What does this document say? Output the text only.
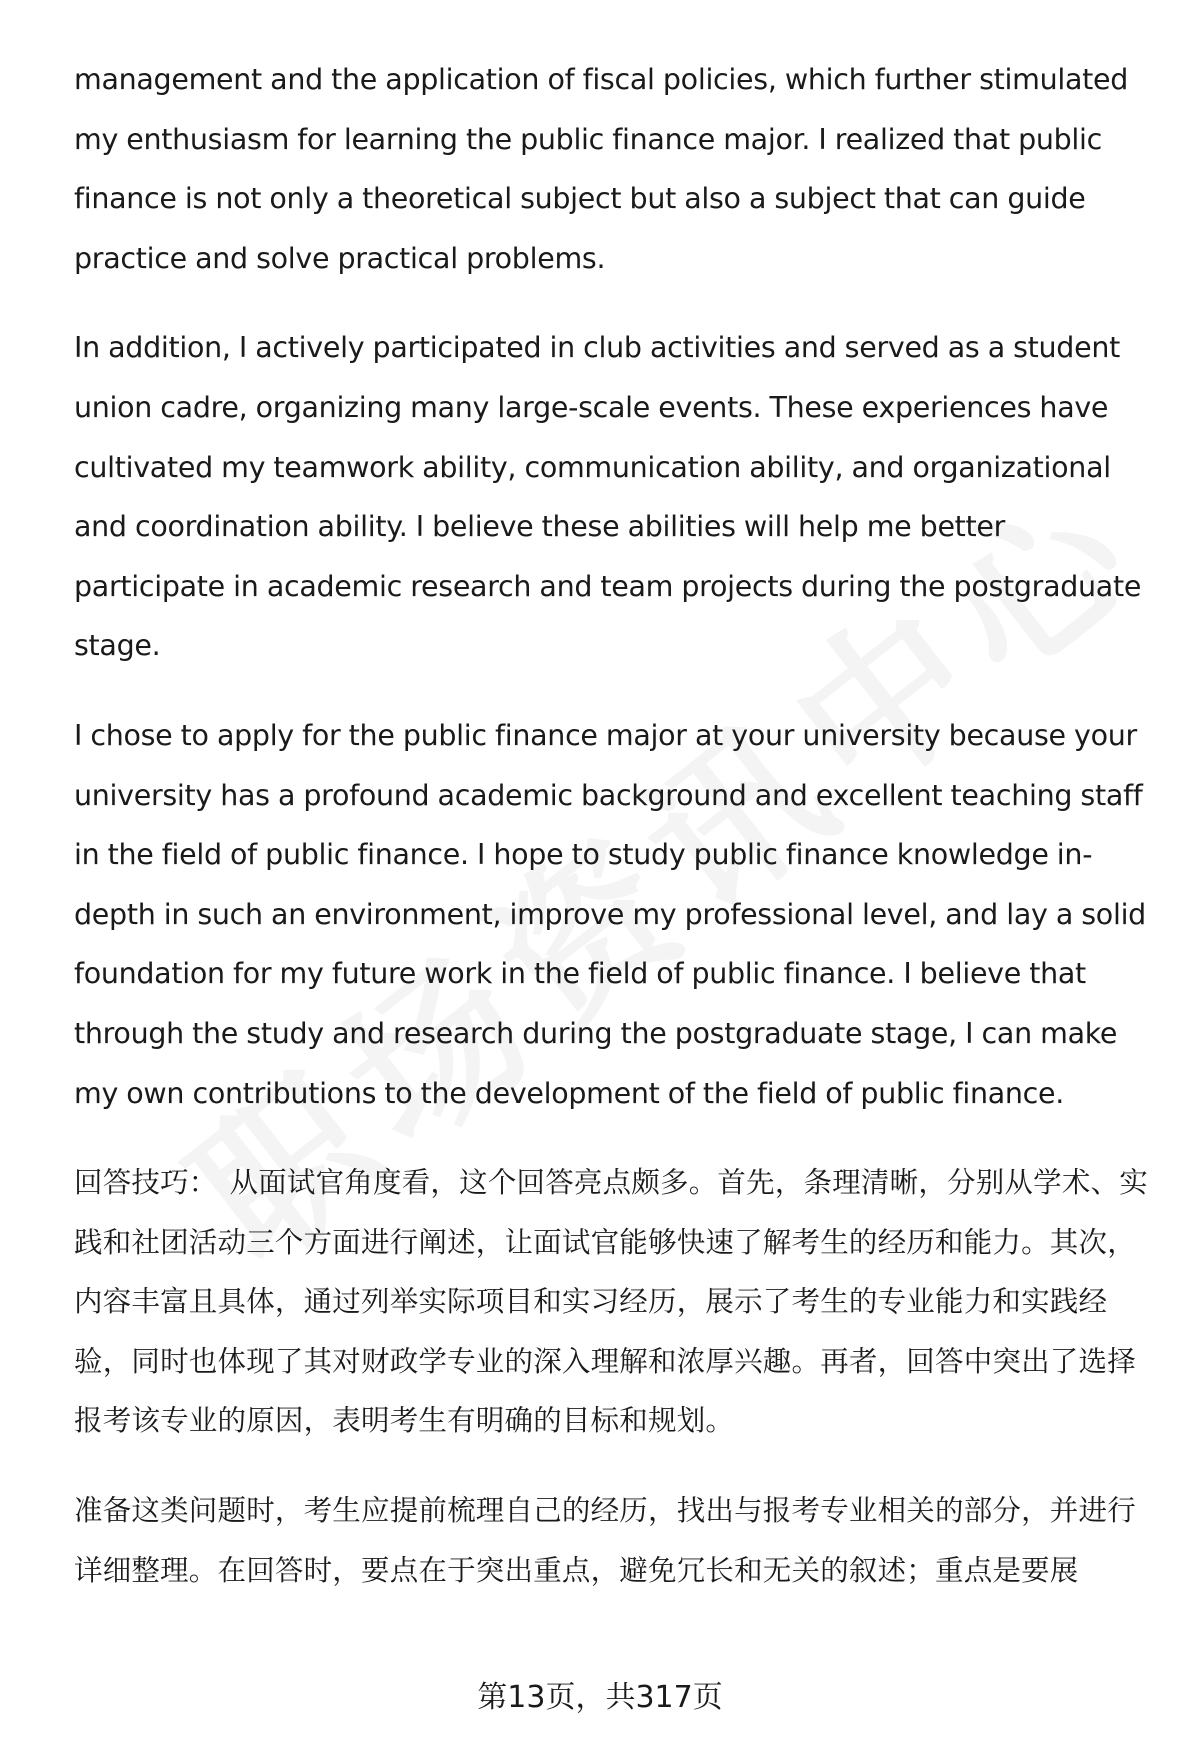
management and the application of fiscal policies, which further stimulated my enthusiasm for learning the public finance major. I realized that public finance is not only a theoretical subject but also a subject that can guide practice and solve practical problems.

In addition, I actively participated in club activities and served as a student union cadre, organizing many large-scale events. These experiences have cultivated my teamwork ability, communication ability, and organizational and coordination ability. I believe these abilities will help me better participate in academic research and team projects during the postgraduate stage.

I chose to apply for the public finance major at your university because your university has a profound academic background and excellent teaching staff in the field of public finance. I hope to study public finance knowledge in-depth in such an environment, improve my professional level, and lay a solid foundation for my future work in the field of public finance. I believe that through the study and research during the postgraduate stage, I can make my own contributions to the development of the field of public finance.

回答技巧： 从面试官角度看，这个回答亮点颇多。首先，条理清晰，分别从学术、实践和社团活动三个方面进行阐述，让面试官能够快速了解考生的经历和能力。其次，内容丰富且具体，通过列举实际项目和实习经历，展示了考生的专业能力和实践经验，同时也体现了其对财政学专业的深入理解和浓厚兴趣。再者，回答中突出了选择报考该专业的原因，表明考生有明确的目标和规划。

准备这类问题时，考生应提前梳理自己的经历，找出与报考专业相关的部分，并进行详细整理。在回答时，要点在于突出重点，避免冗长和无关的叙述；重点是要展

第13页，共317页
